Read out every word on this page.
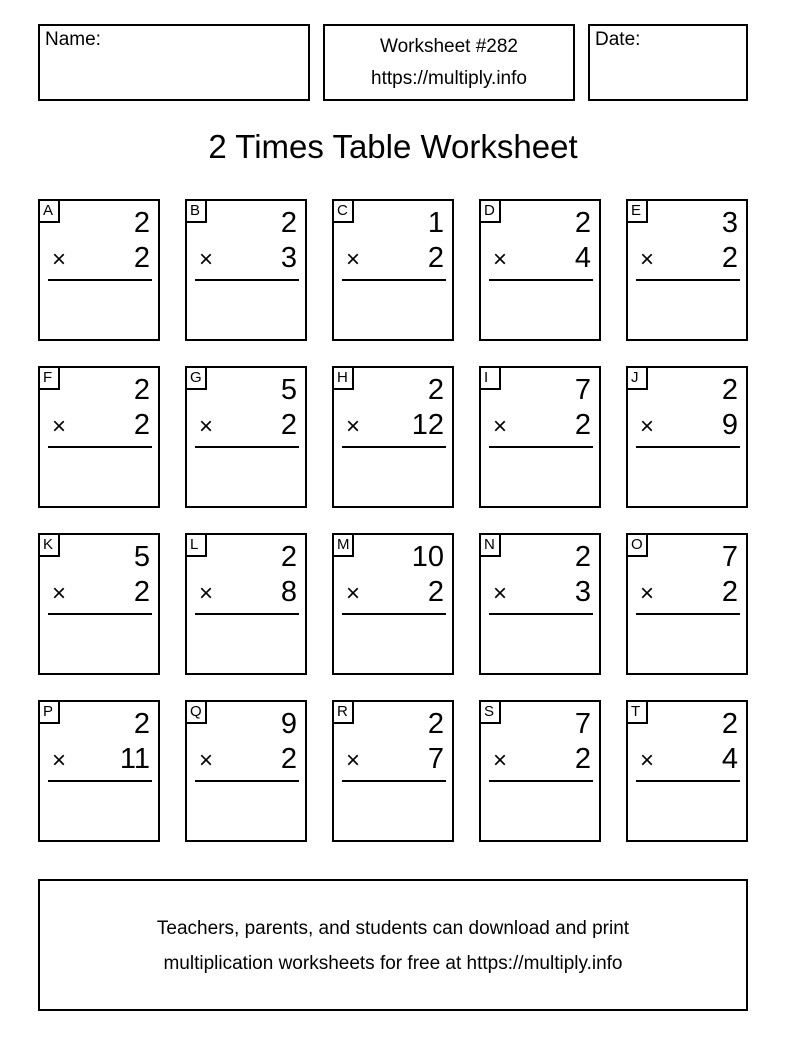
Name:	Worksheet #282
https://multiply.info
Date:
2 Times Table Worksheet
A	2
× 2
B	2
× 3
C	1
× 2
D	2
× 4
E	3
× 2
F	2
× 2
G	5
× 2
H	2
× 12
I	7
× 2
J	2
× 9
K	5
× 2
L	2
× 8
M 10
× 2
N	2
× 3
O	7
× 2
P	2
× 11
Q	9
× 2
R	2
× 7
S	7
× 2
T	2
× 4
Teachers, parents, and students can download and print
multiplication worksheets for free at https://multiply.info
